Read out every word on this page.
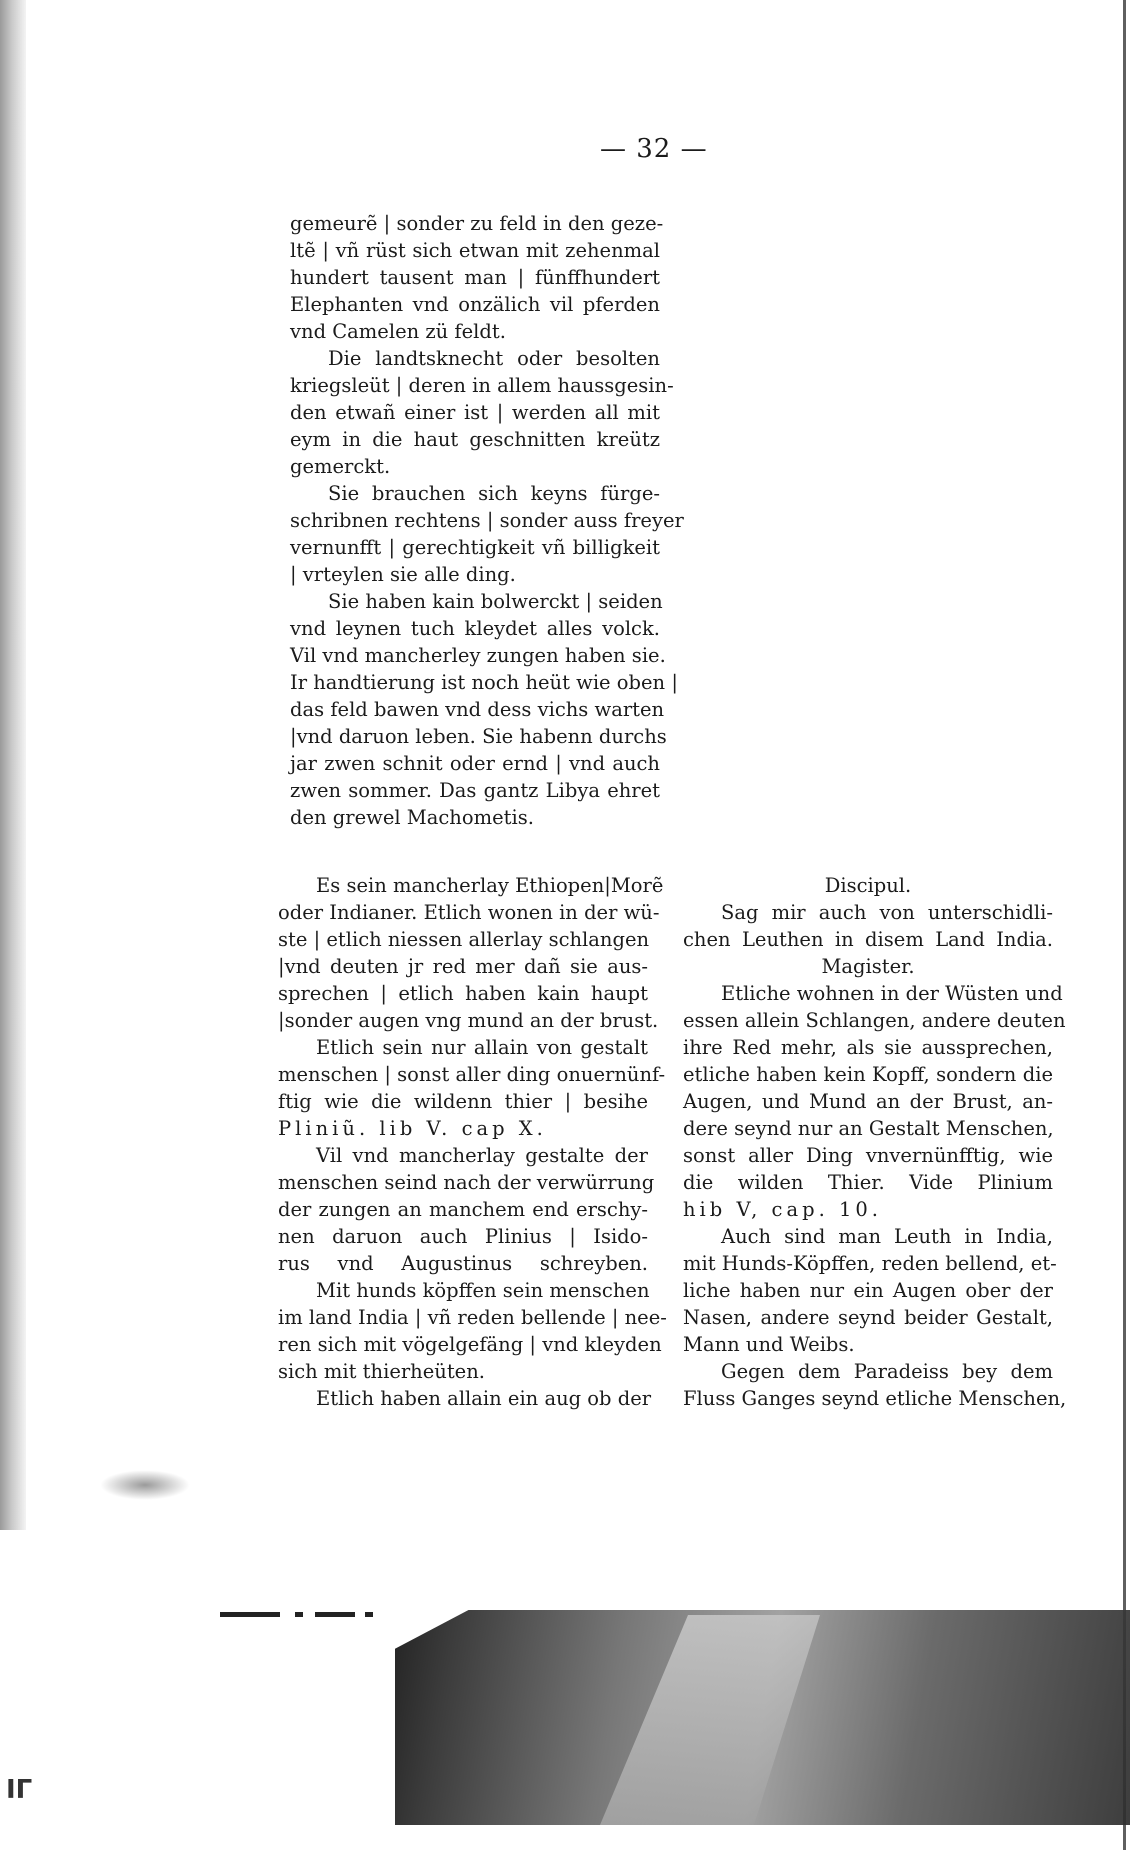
— 32 —
gemeurẽ | sonder zu feld in den geze-
ltẽ | vñ rüst sich etwan mit zehenmal
hundert tausent man | fünffhundert
Elephanten vnd onzälich vil pferden
vnd Camelen zü feldt.
Die landtsknecht oder besolten
kriegsleüt | deren in allem haussgesin-
den etwañ einer ist | werden all mit
eym in die haut geschnitten kreütz
gemerckt.
Sie brauchen sich keyns fürge-
schribnen rechtens | sonder auss freyer
vernunfft | gerechtigkeit vñ billigkeit
| vrteylen sie alle ding.
Sie haben kain bolwerckt | seiden
vnd leynen tuch kleydet alles volck.
Vil vnd mancherley zungen haben sie.
Ir handtierung ist noch heüt wie oben |
das feld bawen vnd dess vichs warten
|vnd daruon leben. Sie habenn durchs
jar zwen schnit oder ernd | vnd auch
zwen sommer. Das gantz Libya ehret
den grewel Machometis.
Es sein mancherlay Ethiopen|Morẽ
oder Indianer. Etlich wonen in der wü-
ste | etlich niessen allerlay schlangen
|vnd deuten jr red mer dañ sie aus-
sprechen | etlich haben kain haupt
|sonder augen vng mund an der brust.
Etlich sein nur allain von gestalt
menschen | sonst aller ding onuernünf-
ftig wie die wildenn thier | besihe
Pliniũ. lib V. cap X.
Vil vnd mancherlay gestalte der
menschen seind nach der verwürrung
der zungen an manchem end erschy-
nen daruon auch Plinius | Isido-
rus vnd Augustinus schreyben.
Mit hunds köpffen sein menschen
im land India | vñ reden bellende | nee-
ren sich mit vögelgefäng | vnd kleyden
sich mit thierheüten.
Etlich haben allain ein aug ob der
Discipul.
Sag mir auch von unterschidli-
chen Leuthen in disem Land India.
Magister.
Etliche wohnen in der Wüsten und
essen allein Schlangen, andere deuten
ihre Red mehr, als sie aussprechen,
etliche haben kein Kopff, sondern die
Augen, und Mund an der Brust, an-
dere seynd nur an Gestalt Menschen,
sonst aller Ding vnvernünfftig, wie
die wilden Thier. Vide Plinium
hib V, cap. 10.
Auch sind man Leuth in India,
mit Hunds-Köpffen, reden bellend, et-
liche haben nur ein Augen ober der
Nasen, andere seynd beider Gestalt,
Mann und Weibs.
Gegen dem Paradeiss bey dem
Fluss Ganges seynd etliche Menschen,
ΙΓ
